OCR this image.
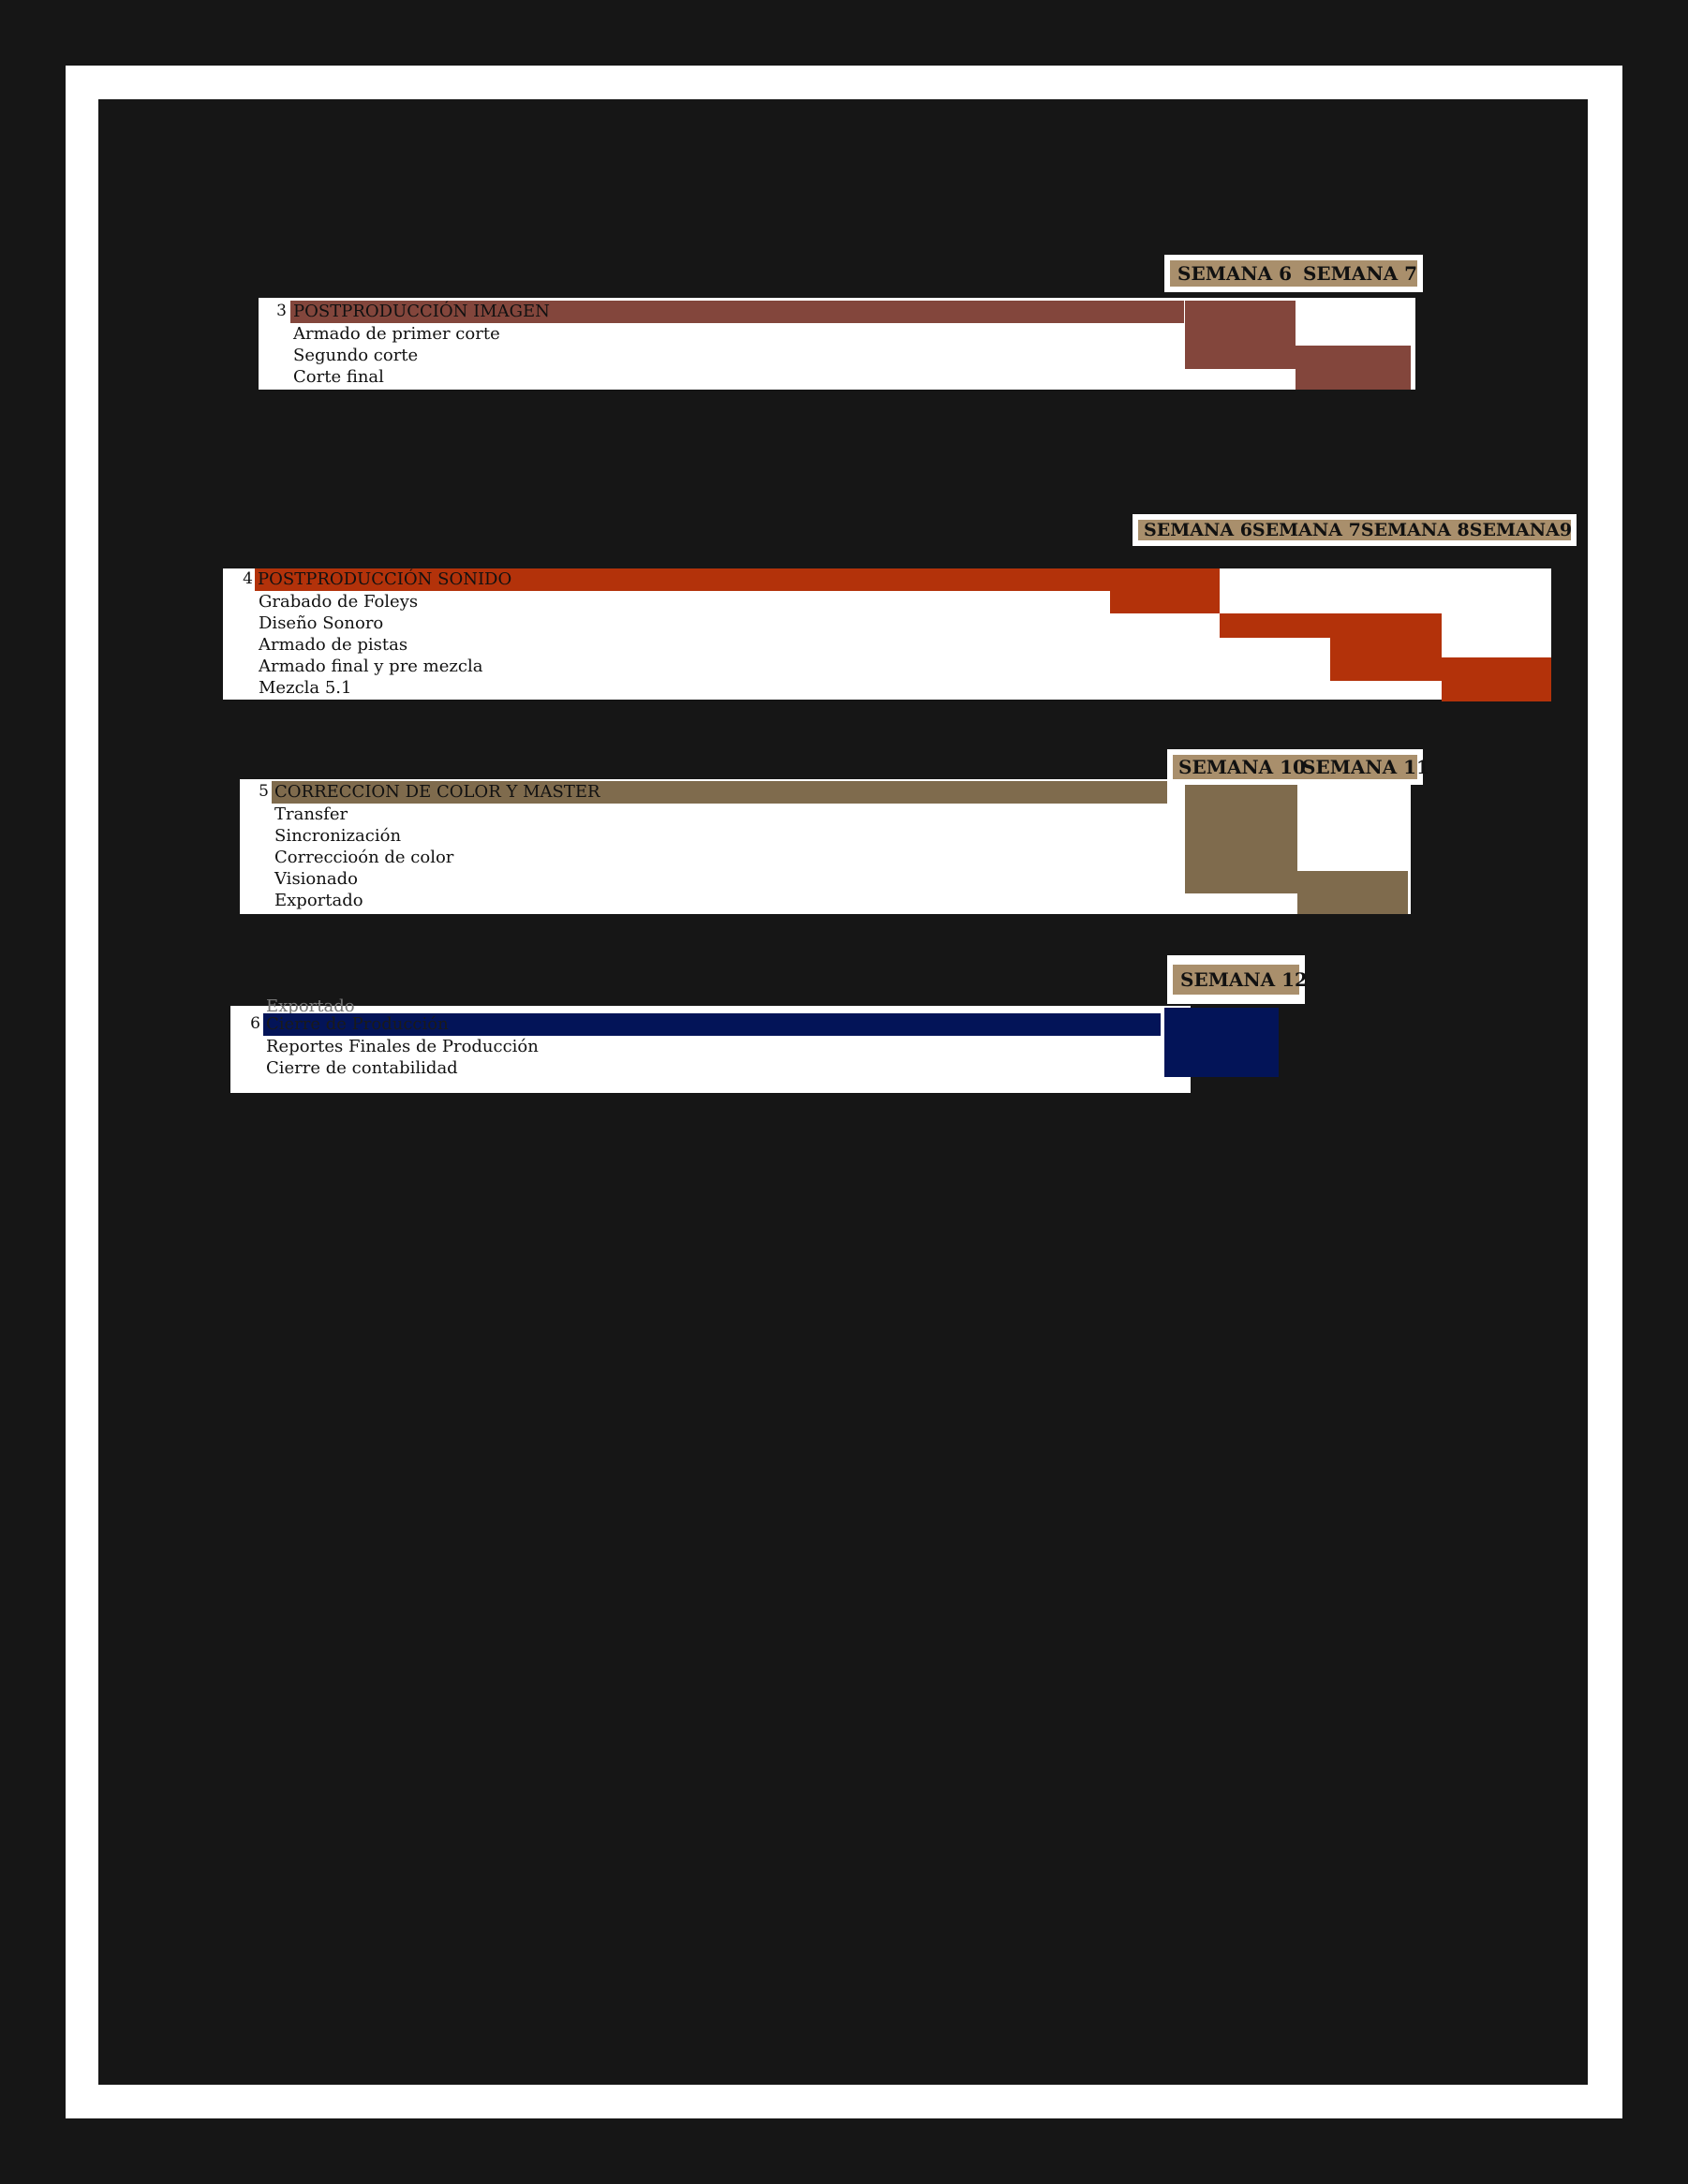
SEMANA 6 SEMANA 7
3 POSTPRODUCCIÓN IMAGEN
Armado de primer corte
Segundo corte
Corte final
SEMANA 6 SEMANA 7 SEMANA 8 SEMANA9
4 POSTPRODUCCIÓN SONIDO
Grabado de Foleys
Diseño Sonoro
Armado de pistas
Armado final y pre mezcla
Mezcla 5.1
SEMANA 10
SEMANA 11
5 CORRECCION DE COLOR Y MASTER
Transfer
Sincronización
Correccioón de color
Visionado
Exportado
SEMANA 12
6 Cierre de Producción
Reportes Finales de Producción
Cierre de contabilidad
